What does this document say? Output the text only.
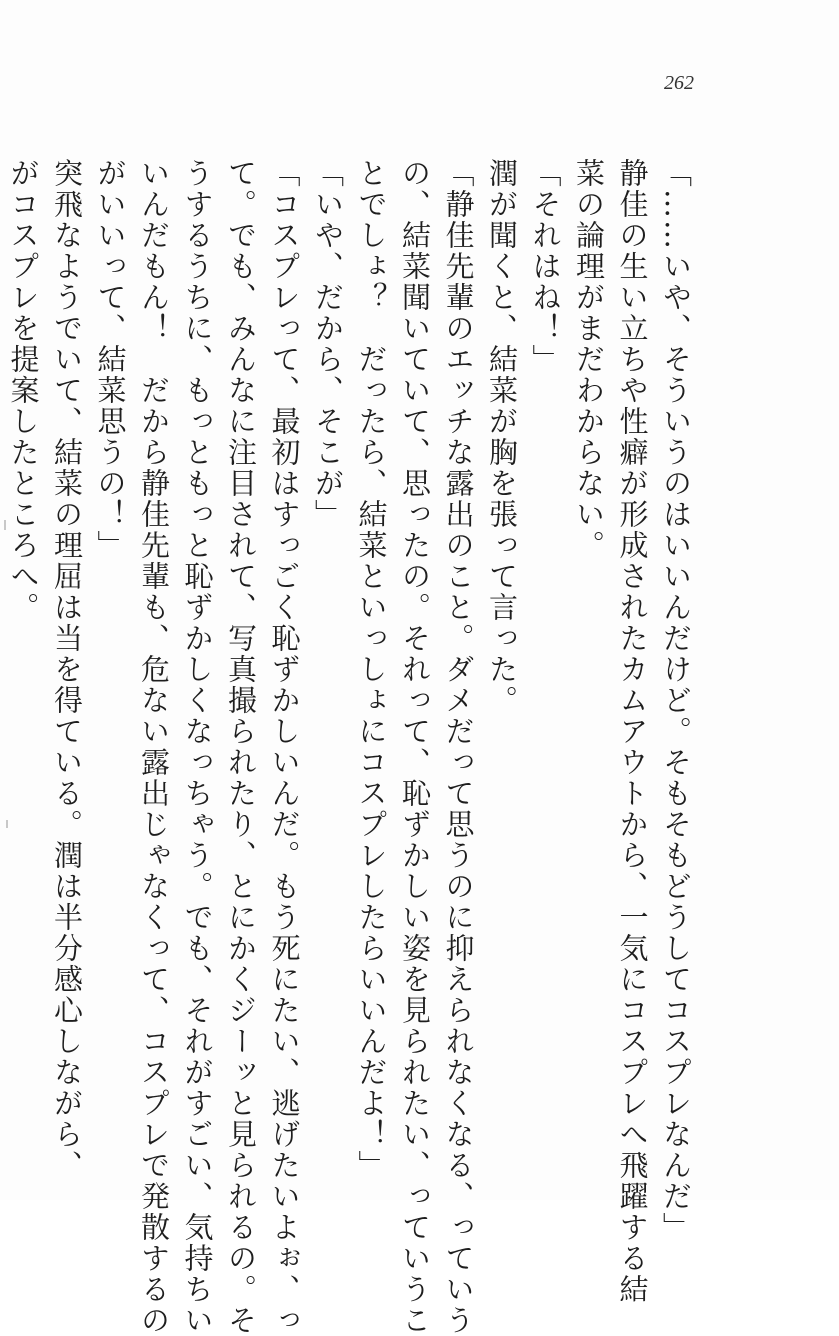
262

「……いや、そういうのはいいんだけど。そもそもどうしてコスプレなんだ」

静佳の生い立ちや性癖が形成されたカムアウトから、一気にコスプレへ飛躍する結

菜の論理がまだわからない。

「それはね！」

潤が聞くと、結菜が胸を張って言った。

「静佳先輩のエッチな露出のこと。ダメだって思うのに抑えられなくなる、っていう

の、結菜聞いていて、思ったの。それって、恥ずかしい姿を見られたい、っていうこ

とでしょ？　だったら、結菜といっしょにコスプレしたらいいんだよ！」

「いや、だから、そこが」

「コスプレって、最初はすっごく恥ずかしいんだ。もう死にたい、逃げたいよぉ、っ

て。でも、みんなに注目されて、写真撮られたり、とにかくジーッと見られるの。そ

うするうちに、もっともっと恥ずかしくなっちゃう。でも、それがすごい、気持ちい

いんだもん！　だから静佳先輩も、危ない露出じゃなくって、コスプレで発散するの

がいいって、結菜思うの！」

突飛なようでいて、結菜の理屈は当を得ている。潤は半分感心しながら、

がコスプレを提案したところへ。
